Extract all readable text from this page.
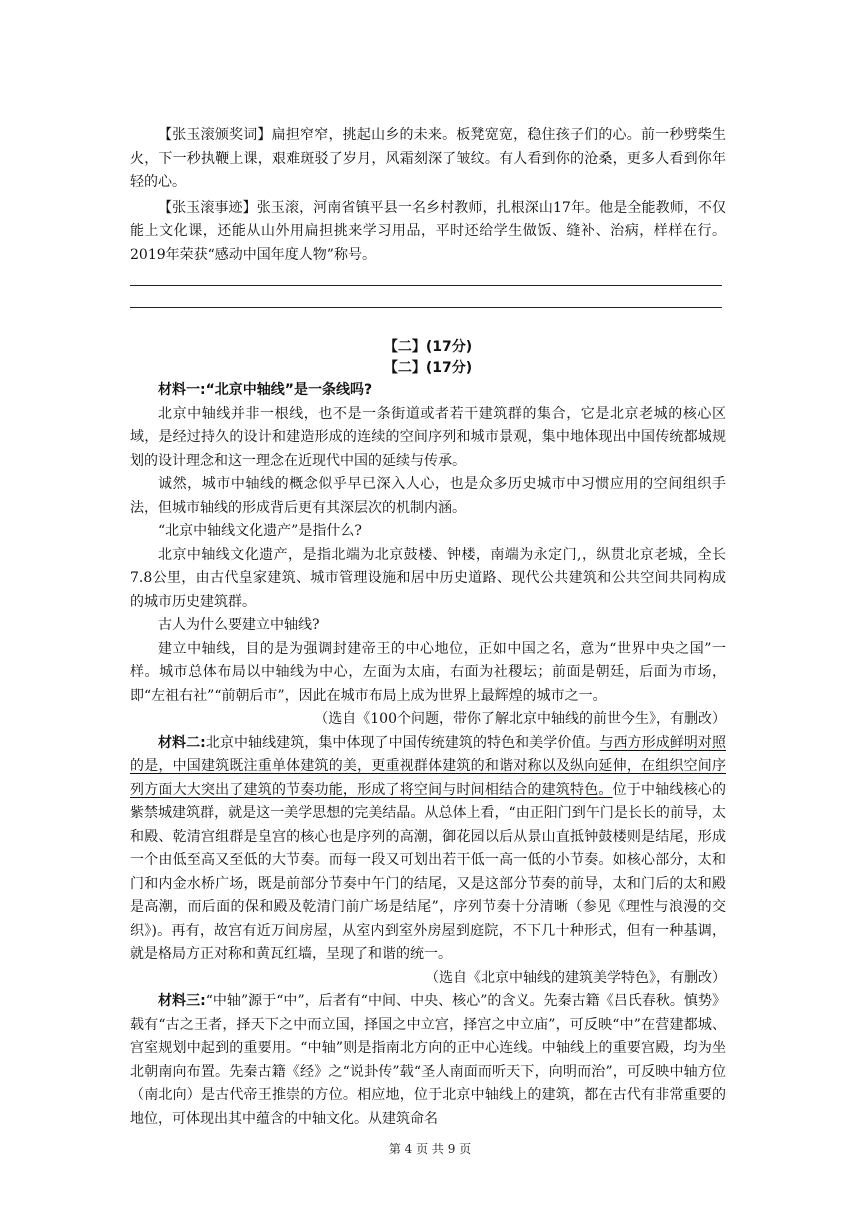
【张玉滚颁奖词】扁担窄窄，挑起山乡的未来。板凳宽宽，稳住孩子们的心。前一秒劈柴生火，下一秒执鞭上课，艰难斑驳了岁月，风霜刻深了皱纹。有人看到你的沧桑，更多人看到你年轻的心。

【张玉滚事迹】张玉滚，河南省镇平县一名乡村教师，扎根深山17年。他是全能教师，不仅能上文化课，还能从山外用扁担挑来学习用品，平时还给学生做饭、缝补、治病，样样在行。2019年荣获“感动中国年度人物”称号。

【二】(17分)
【二】(17分)

材料一:“北京中轴线”是一条线吗?

北京中轴线并非一根线，也不是一条街道或者若干建筑群的集合，它是北京老城的核心区域，是经过持久的设计和建造形成的连续的空间序列和城市景观，集中地体现出中国传统都城规划的设计理念和这一理念在近现代中国的延续与传承。

诚然，城市中轴线的概念似乎早已深入人心，也是众多历史城市中习惯应用的空间组织手法，但城市轴线的形成背后更有其深层次的机制内涵。

“北京中轴线文化遗产”是指什么?

北京中轴线文化遗产，是指北端为北京鼓楼、钟楼，南端为永定门,，纵贯北京老城，全长7.8公里，由古代皇家建筑、城市管理设施和居中历史道路、现代公共建筑和公共空间共同构成的城市历史建筑群。

古人为什么要建立中轴线?

建立中轴线，目的是为强调封建帝王的中心地位，正如中国之名，意为“世界中央之国”一样。城市总体布局以中轴线为中心，左面为太庙，右面为社稷坛；前面是朝廷，后面为市场，即“左祖右社”“前朝后市”，因此在城市布局上成为世界上最辉煌的城市之一。

（选自《100个问题，带你了解北京中轴线的前世今生》，有删改）

材料二:北京中轴线建筑，集中体现了中国传统建筑的特色和美学价值。与西方形成鲜明对照的是，中国建筑既注重单体建筑的美，更重视群体建筑的和谐对称以及纵向延伸，在组织空间序列方面大大突出了建筑的节奏功能，形成了将空间与时间相结合的建筑特色。位于中轴线核心的紫禁城建筑群，就是这一美学思想的完美结晶。从总体上看，“由正阳门到午门是长长的前导，太和殿、乾清宫组群是皇宫的核心也是序列的高潮，御花园以后从景山直抵钟鼓楼则是结尾，形成一个由低至高又至低的大节奏。而每一段又可划出若干低一高一低的小节奏。如核心部分，太和门和内金水桥广场，既是前部分节奏中午门的结尾，又是这部分节奏的前导，太和门后的太和殿是高潮，而后面的保和殿及乾清门前广场是结尾”，序列节奏十分清晰（参见《理性与浪漫的交织》)。再有，故宫有近万间房屋，从室内到室外房屋到庭院，不下几十种形式，但有一种基调，就是格局方正对称和黄瓦红墙，呈现了和谐的统一。

（选自《北京中轴线的建筑美学特色》，有删改）

材料三:“中轴”源于“中”，后者有“中间、中央、核心”的含义。先秦古籍《吕氏春秋。慎势》载有“古之王者，择天下之中而立国，择国之中立宫，择宫之中立庙”，可反映“中”在营建都城、宫室规划中起到的重要用。“中轴”则是指南北方向的正中心连线。中轴线上的重要宫殿，均为坐北朝南向布置。先秦古籍《经》之“说卦传”载“圣人南面而听天下，向明而治”，可反映中轴方位（南北向）是古代帝王推崇的方位。相应地，位于北京中轴线上的建筑，都在古代有非常重要的地位，可体现出其中蕴含的中轴文化。从建筑命名

第 4 页 共 9 页
